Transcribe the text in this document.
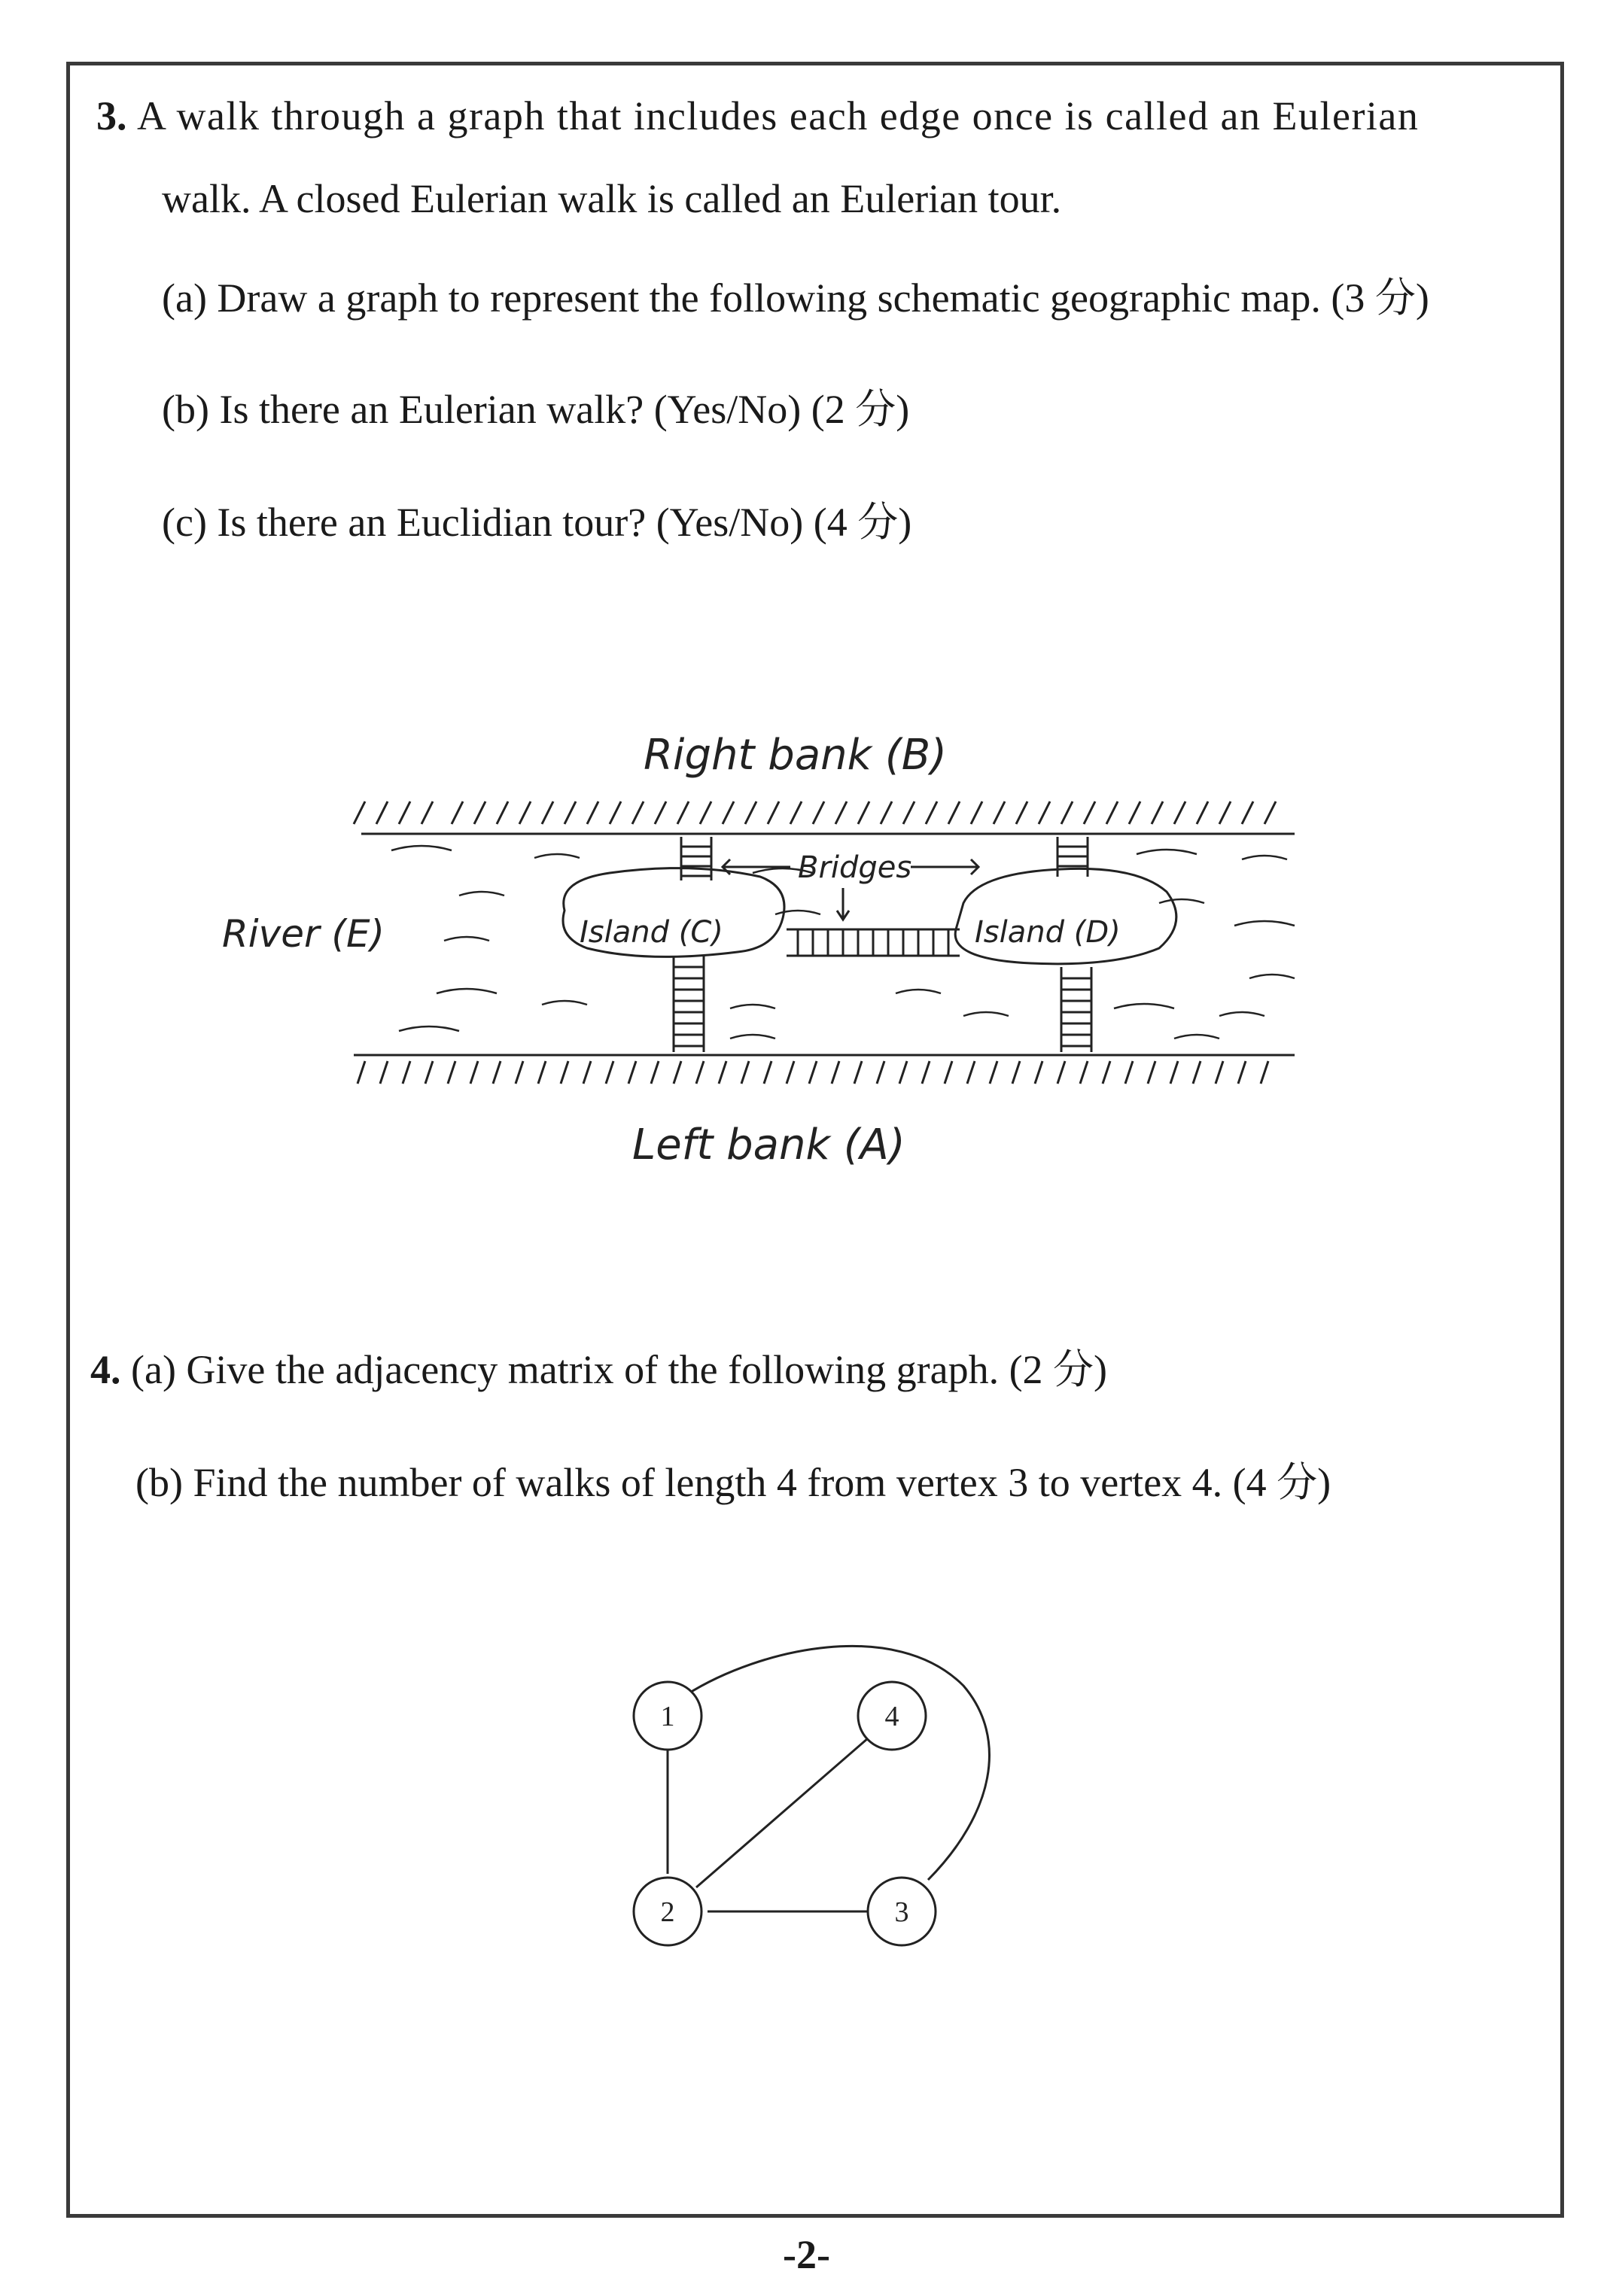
3. A walk through a graph that includes each edge once is called an Eulerian
walk. A closed Eulerian walk is called an Eulerian tour.
(a) Draw a graph to represent the following schematic geographic map. (3 分)
(b) Is there an Eulerian walk? (Yes/No) (2 分)
(c) Is there an Euclidian tour? (Yes/No) (4 分)
Right bank (B)
Left bank (A)
River (E)
Bridges
Island (C)	Island (D)
4. (a) Give the adjacency matrix of the following graph. (2 分)
(b) Find the number of walks of length 4 from vertex 3 to vertex 4. (4 分)
1	4
2	3
-2-
